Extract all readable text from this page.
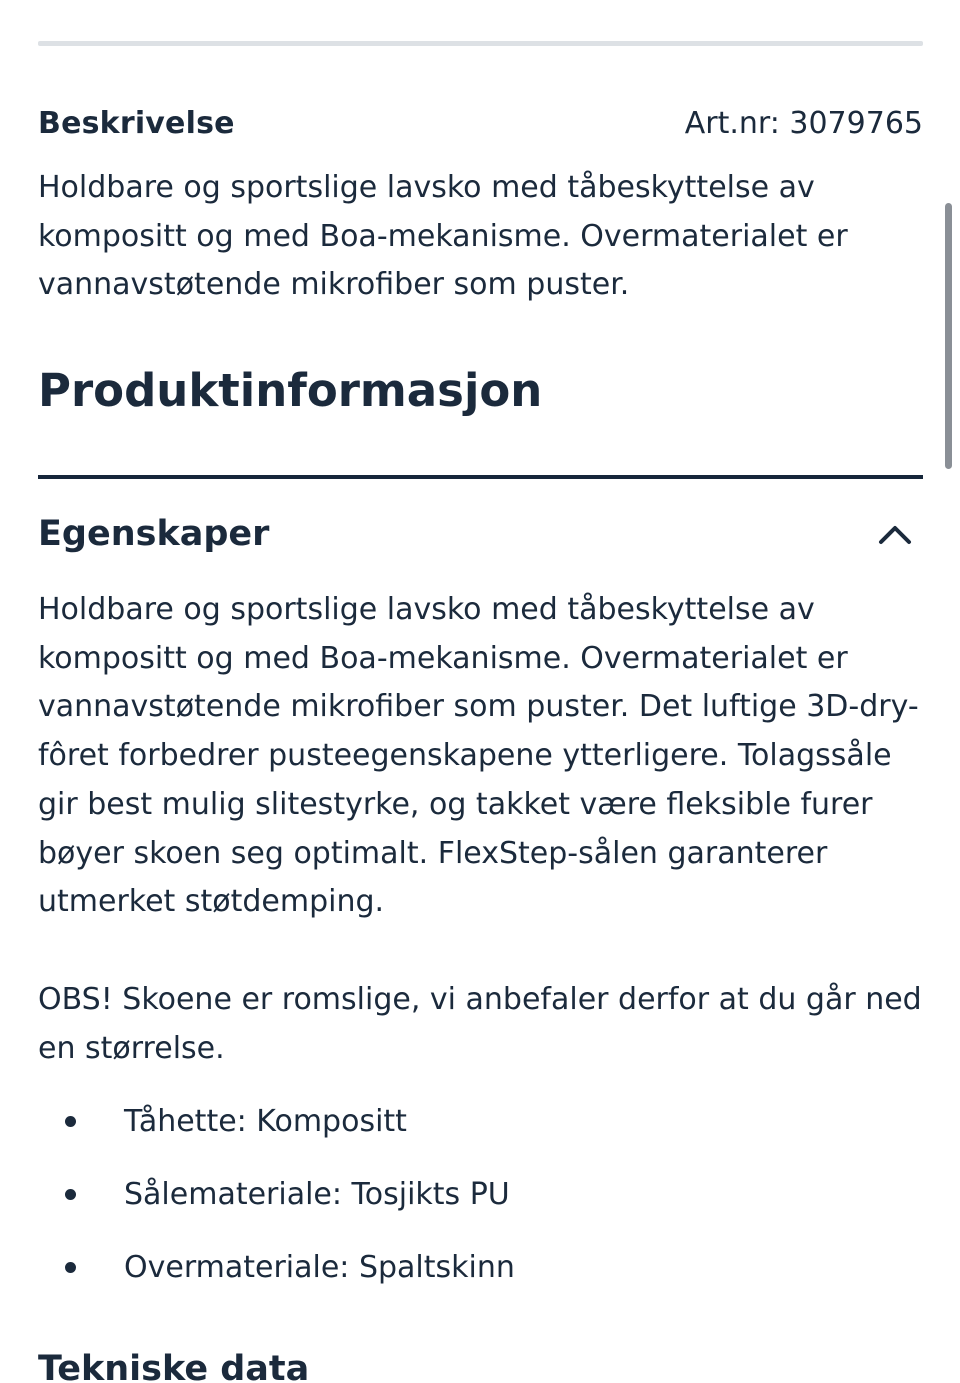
Beskrivelse	Art.nr: 3079765

Holdbare og sportslige lavsko med tåbeskyttelse av kompositt og med Boa-mekanisme. Overmaterialet er vannavstøtende mikrofiber som puster.

Produktinformasjon
Egenskaper

Holdbare og sportslige lavsko med tåbeskyttelse av kompositt og med Boa-mekanisme. Overmaterialet er vannavstøtende mikrofiber som puster. Det luftige 3D-dry-fôret forbedrer pusteegenskapene ytterligere. Tolagssåle gir best mulig slitestyrke, og takket være fleksible furer bøyer skoen seg optimalt. FlexStep-sålen garanterer utmerket støtdemping.

OBS! Skoene er romslige, vi anbefaler derfor at du går ned en størrelse.

Tåhette: Kompositt
Sålemateriale: Tosjikts PU
Overmateriale: Spaltskinn
Tekniske data
